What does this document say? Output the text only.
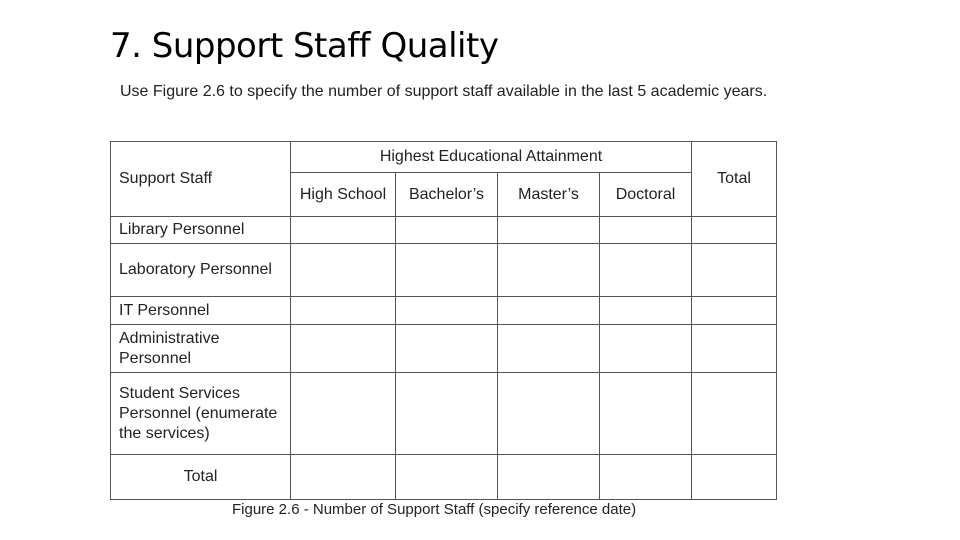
7. Support Staff Quality
Use Figure 2.6 to specify the number of support staff available in the last 5 academic years.
Support Staff	Highest Educational Attainment				Total
	High School	Bachelor’s	Master’s	Doctoral	
Library Personnel					
Laboratory Personnel					
IT Personnel					
Administrative Personnel					
Student Services Personnel (enumerate the services)					
Total					
Figure 2.6 - Number of Support Staff (specify reference date)
